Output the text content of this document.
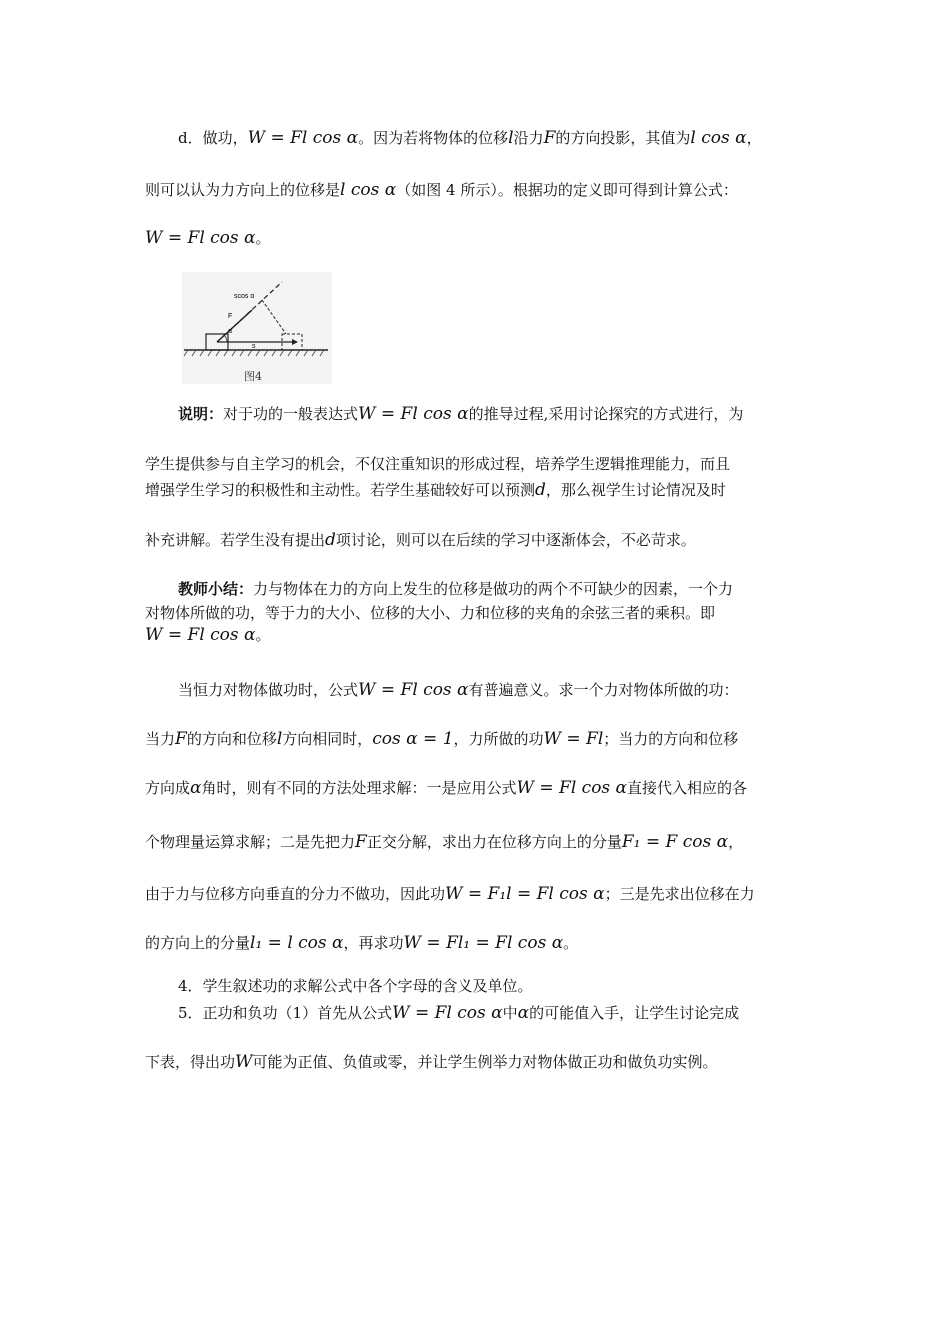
d．做功，W = Fl cos α。因为若将物体的位移l沿力F的方向投影，其值为l cos α，
则可以认为力方向上的位移是l cos α（如图 4 所示）。根据功的定义即可得到计算公式：
W = Fl cos α。
scos α
F
α
s
图4
说明：对于功的一般表达式W = Fl cos α的推导过程,采用讨论探究的方式进行，为
学生提供参与自主学习的机会，不仅注重知识的形成过程，培养学生逻辑推理能力，而且
增强学生学习的积极性和主动性。若学生基础较好可以预测d，那么视学生讨论情况及时
补充讲解。若学生没有提出d项讨论，则可以在后续的学习中逐渐体会，不必苛求。
教师小结：力与物体在力的方向上发生的位移是做功的两个不可缺少的因素，一个力
对物体所做的功，等于力的大小、位移的大小、力和位移的夹角的余弦三者的乘积。即
W = Fl cos α。
当恒力对物体做功时，公式W = Fl cos α有普遍意义。求一个力对物体所做的功：
当力F的方向和位移l方向相同时，cos α = 1，力所做的功W = Fl；当力的方向和位移
方向成α角时，则有不同的方法处理求解：一是应用公式W = Fl cos α直接代入相应的各
个物理量运算求解；二是先把力F正交分解，求出力在位移方向上的分量F₁ = F cos α，
由于力与位移方向垂直的分力不做功，因此功W = F₁l = Fl cos α；三是先求出位移在力
的方向上的分量l₁ = l cos α，再求功W = Fl₁ = Fl cos α。
4．学生叙述功的求解公式中各个字母的含义及单位。
5．正功和负功（1）首先从公式W = Fl cos α中α的可能值入手，让学生讨论完成
下表，得出功W可能为正值、负值或零，并让学生例举力对物体做正功和做负功实例。
